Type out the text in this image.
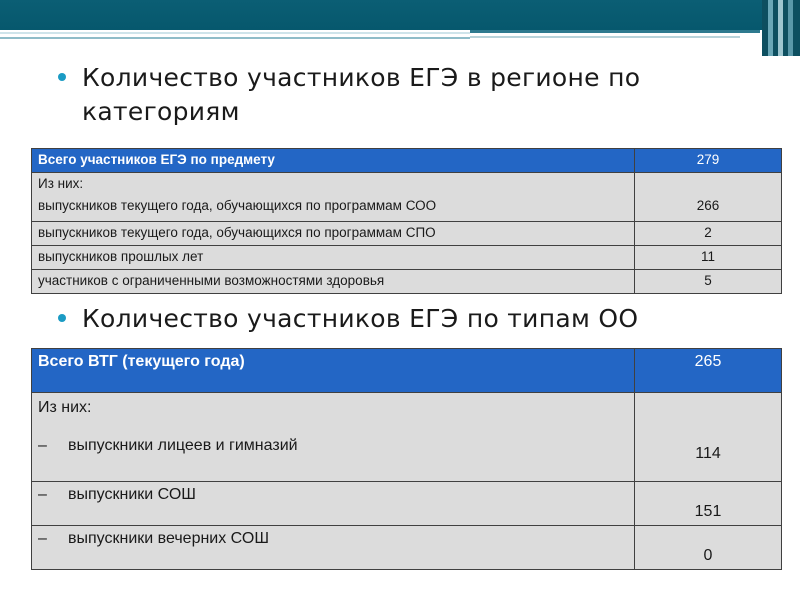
Количество участников ЕГЭ в регионе по категориям
Всего участников ЕГЭ по предмету	279

Из них:
выпускников текущего года, обучающихся по программам СОО	266
выпускников текущего года, обучающихся по программам СПО	2
выпускников прошлых лет	11
участников с ограниченными возможностями здоровья	5
Количество участников ЕГЭ по типам ОО
Всего ВТГ (текущего года)	265

Из них:
– выпускники лицеев и гимназий	114

– выпускники СОШ	151

– выпускники вечерних СОШ	0
